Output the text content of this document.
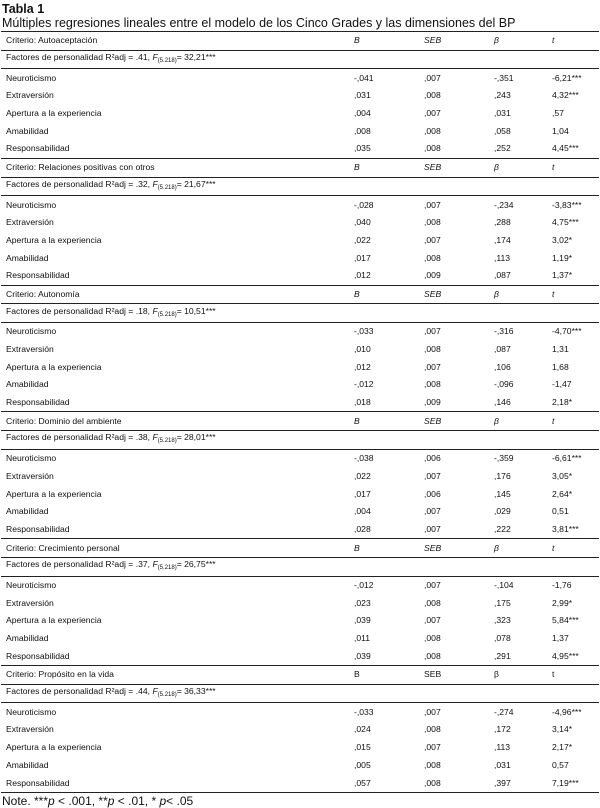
Tabla 1
Múltiples regresiones lineales entre el modelo de los Cinco Grades y las dimensiones del BP
Criterio: Autoaceptación	B	SEB	β	t
Factores de personalidad R²adj = .41, $F_{(5.218)}= 32,21***$				
Neuroticismo	-,041	,007	-,351	-6,21***
Extraversión	,031	,008	,243	4,32***
Apertura a la experiencia	,004	,007	,031	,57
Amabilidad	,008	,008	,058	1,04
Responsabilidad	,035	,008	,252	4,45***
Criterio: Relaciones positivas con otros	B	SEB	β	t
Factores de personalidad R²adj = .32, $F_{(5.218)}= 21,67***$				
Neuroticismo	-,028	,007	-,234	-3,83***
Extraversión	,040	,008	,288	4,75***
Apertura a la experiencia	,022	,007	,174	3,02*
Amabilidad	,017	,008	,113	1,19*
Responsabilidad	,012	,009	,087	1,37*
Criterio: Autonomía	B	SEB	β	t
Factores de personalidad R²adj = .18, $F_{(5.218)}= 10,51***$				
Neuroticismo	-,033	,007	-,316	-4,70***
Extraversión	,010	,008	,087	1,31
Apertura a la experiencia	,012	,007	,106	1,68
Amabilidad	-,012	,008	-,096	-1,47
Responsabilidad	,018	,009	,146	2,18*
Criterio: Dominio del ambiente	B	SEB	β	t
Factores de personalidad R²adj = .38, $F_{(5.218)}= 28,01***$				
Neuroticismo	-,038	,006	-,359	-6,61***
Extraversión	,022	,007	,176	3,05*
Apertura a la experiencia	,017	,006	,145	2,64*
Amabilidad	,004	,007	,029	0,51
Responsabilidad	,028	,007	,222	3,81***
Criterio: Crecimiento personal	B	SEB	β	t
Factores de personalidad R²adj = .37, $F_{(5.218)}= 26,75***$				
Neuroticismo	-,012	,007	-,104	-1,76
Extraversión	,023	,008	,175	2,99*
Apertura a la experiencia	,039	,007	,323	5,84***
Amabilidad	,011	,008	,078	1,37
Responsabilidad	,039	,008	,291	4,95***
Criterio: Propósito en la vida	B	SEB	β	t
Factores de personalidad R²adj = .44, $F_{(5.218)}= 36,33***$				
Neuroticismo	-,033	,007	-,274	-4,96***
Extraversión	,024	,008	,172	3,14*
Apertura a la experiencia	,015	,007	,113	2,17*
Amabilidad	,005	,008	,031	0,57
Responsabilidad	,057	,008	,397	7,19***
Note. ***p < .001, **p < .01, * p< .05
